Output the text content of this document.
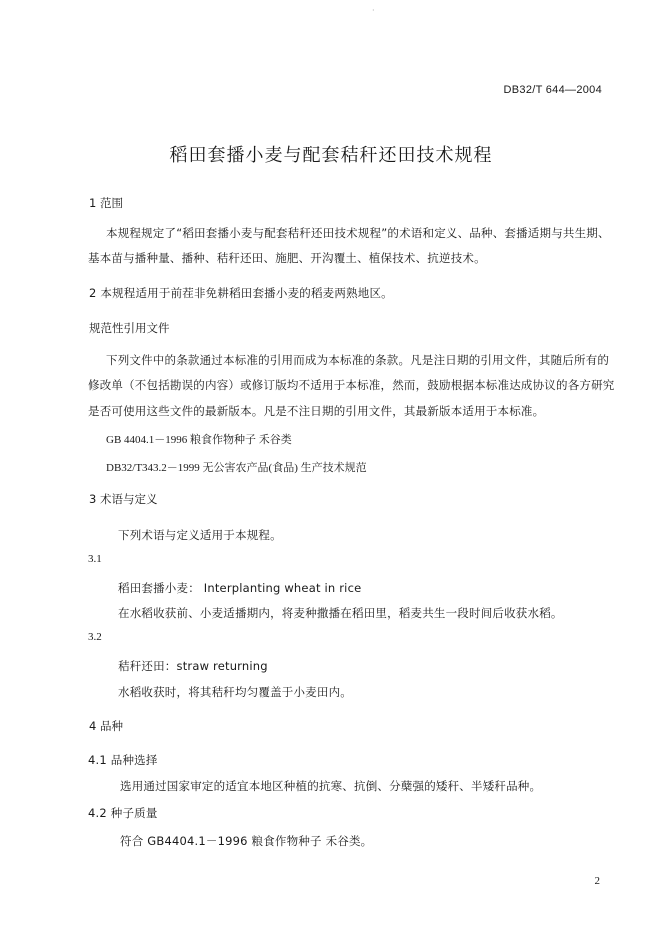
·
DB32/T 644—2004
稻田套播小麦与配套秸秆还田技术规程
1 范围
本规程规定了“稻田套播小麦与配套秸秆还田技术规程”的术语和定义、品种、套播适期与共生期、
基本苗与播种量、播种、秸秆还田、施肥、开沟覆土、植保技术、抗逆技术。
2 本规程适用于前茬非免耕稻田套播小麦的稻麦两熟地区。
规范性引用文件
下列文件中的条款通过本标准的引用而成为本标准的条款。凡是注日期的引用文件，其随后所有的
修改单（不包括勘误的内容）或修订版均不适用于本标准，然而，鼓励根据本标准达成协议的各方研究
是否可使用这些文件的最新版本。凡是不注日期的引用文件，其最新版本适用于本标准。
GB 4404.1－1996 粮食作物种子 禾谷类
DB32/T343.2－1999 无公害农产品(食品) 生产技术规范
3 术语与定义
下列术语与定义适用于本规程。
3.1
稻田套播小麦： Interplanting wheat in rice
在水稻收获前、小麦适播期内，将麦种撒播在稻田里，稻麦共生一段时间后收获水稻。
3.2
秸秆还田：straw returning
水稻收获时，将其秸秆均匀覆盖于小麦田内。
4 品种
4.1 品种选择
选用通过国家审定的适宜本地区种植的抗寒、抗倒、分蘖强的矮秆、半矮秆品种。
4.2 种子质量
符合 GB4404.1－1996 粮食作物种子 禾谷类。
2
